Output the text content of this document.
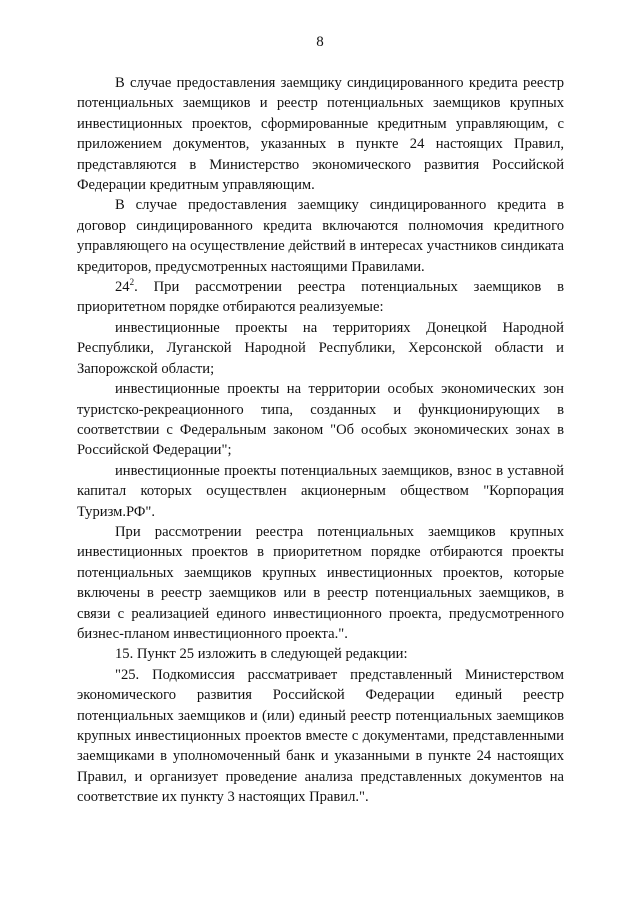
8

В случае предоставления заемщику синдицированного кредита реестр потенциальных заемщиков и реестр потенциальных заемщиков крупных инвестиционных проектов, сформированные кредитным управляющим, с приложением документов, указанных в пункте 24 настоящих Правил, представляются в Министерство экономического развития Российской Федерации кредитным управляющим.

В случае предоставления заемщику синдицированного кредита в договор синдицированного кредита включаются полномочия кредитного управляющего на осуществление действий в интересах участников синдиката кредиторов, предусмотренных настоящими Правилами.

$24^2$. При рассмотрении реестра потенциальных заемщиков в приоритетном порядке отбираются реализуемые:

инвестиционные проекты на территориях Донецкой Народной Республики, Луганской Народной Республики, Херсонской области и Запорожской области;

инвестиционные проекты на территории особых экономических зон туристско-рекреационного типа, созданных и функционирующих в соответствии с Федеральным законом "Об особых экономических зонах в Российской Федерации";

инвестиционные проекты потенциальных заемщиков, взнос в уставной капитал которых осуществлен акционерным обществом "Корпорация Туризм.РФ".

При рассмотрении реестра потенциальных заемщиков крупных инвестиционных проектов в приоритетном порядке отбираются проекты потенциальных заемщиков крупных инвестиционных проектов, которые включены в реестр заемщиков или в реестр потенциальных заемщиков, в связи с реализацией единого инвестиционного проекта, предусмотренного бизнес-планом инвестиционного проекта.".

15. Пункт 25 изложить в следующей редакции:

"25. Подкомиссия рассматривает представленный Министерством экономического развития Российской Федерации единый реестр потенциальных заемщиков и (или) единый реестр потенциальных заемщиков крупных инвестиционных проектов вместе с документами, представленными заемщиками в уполномоченный банк и указанными в пункте 24 настоящих Правил, и организует проведение анализа представленных документов на соответствие их пункту 3 настоящих Правил.".
